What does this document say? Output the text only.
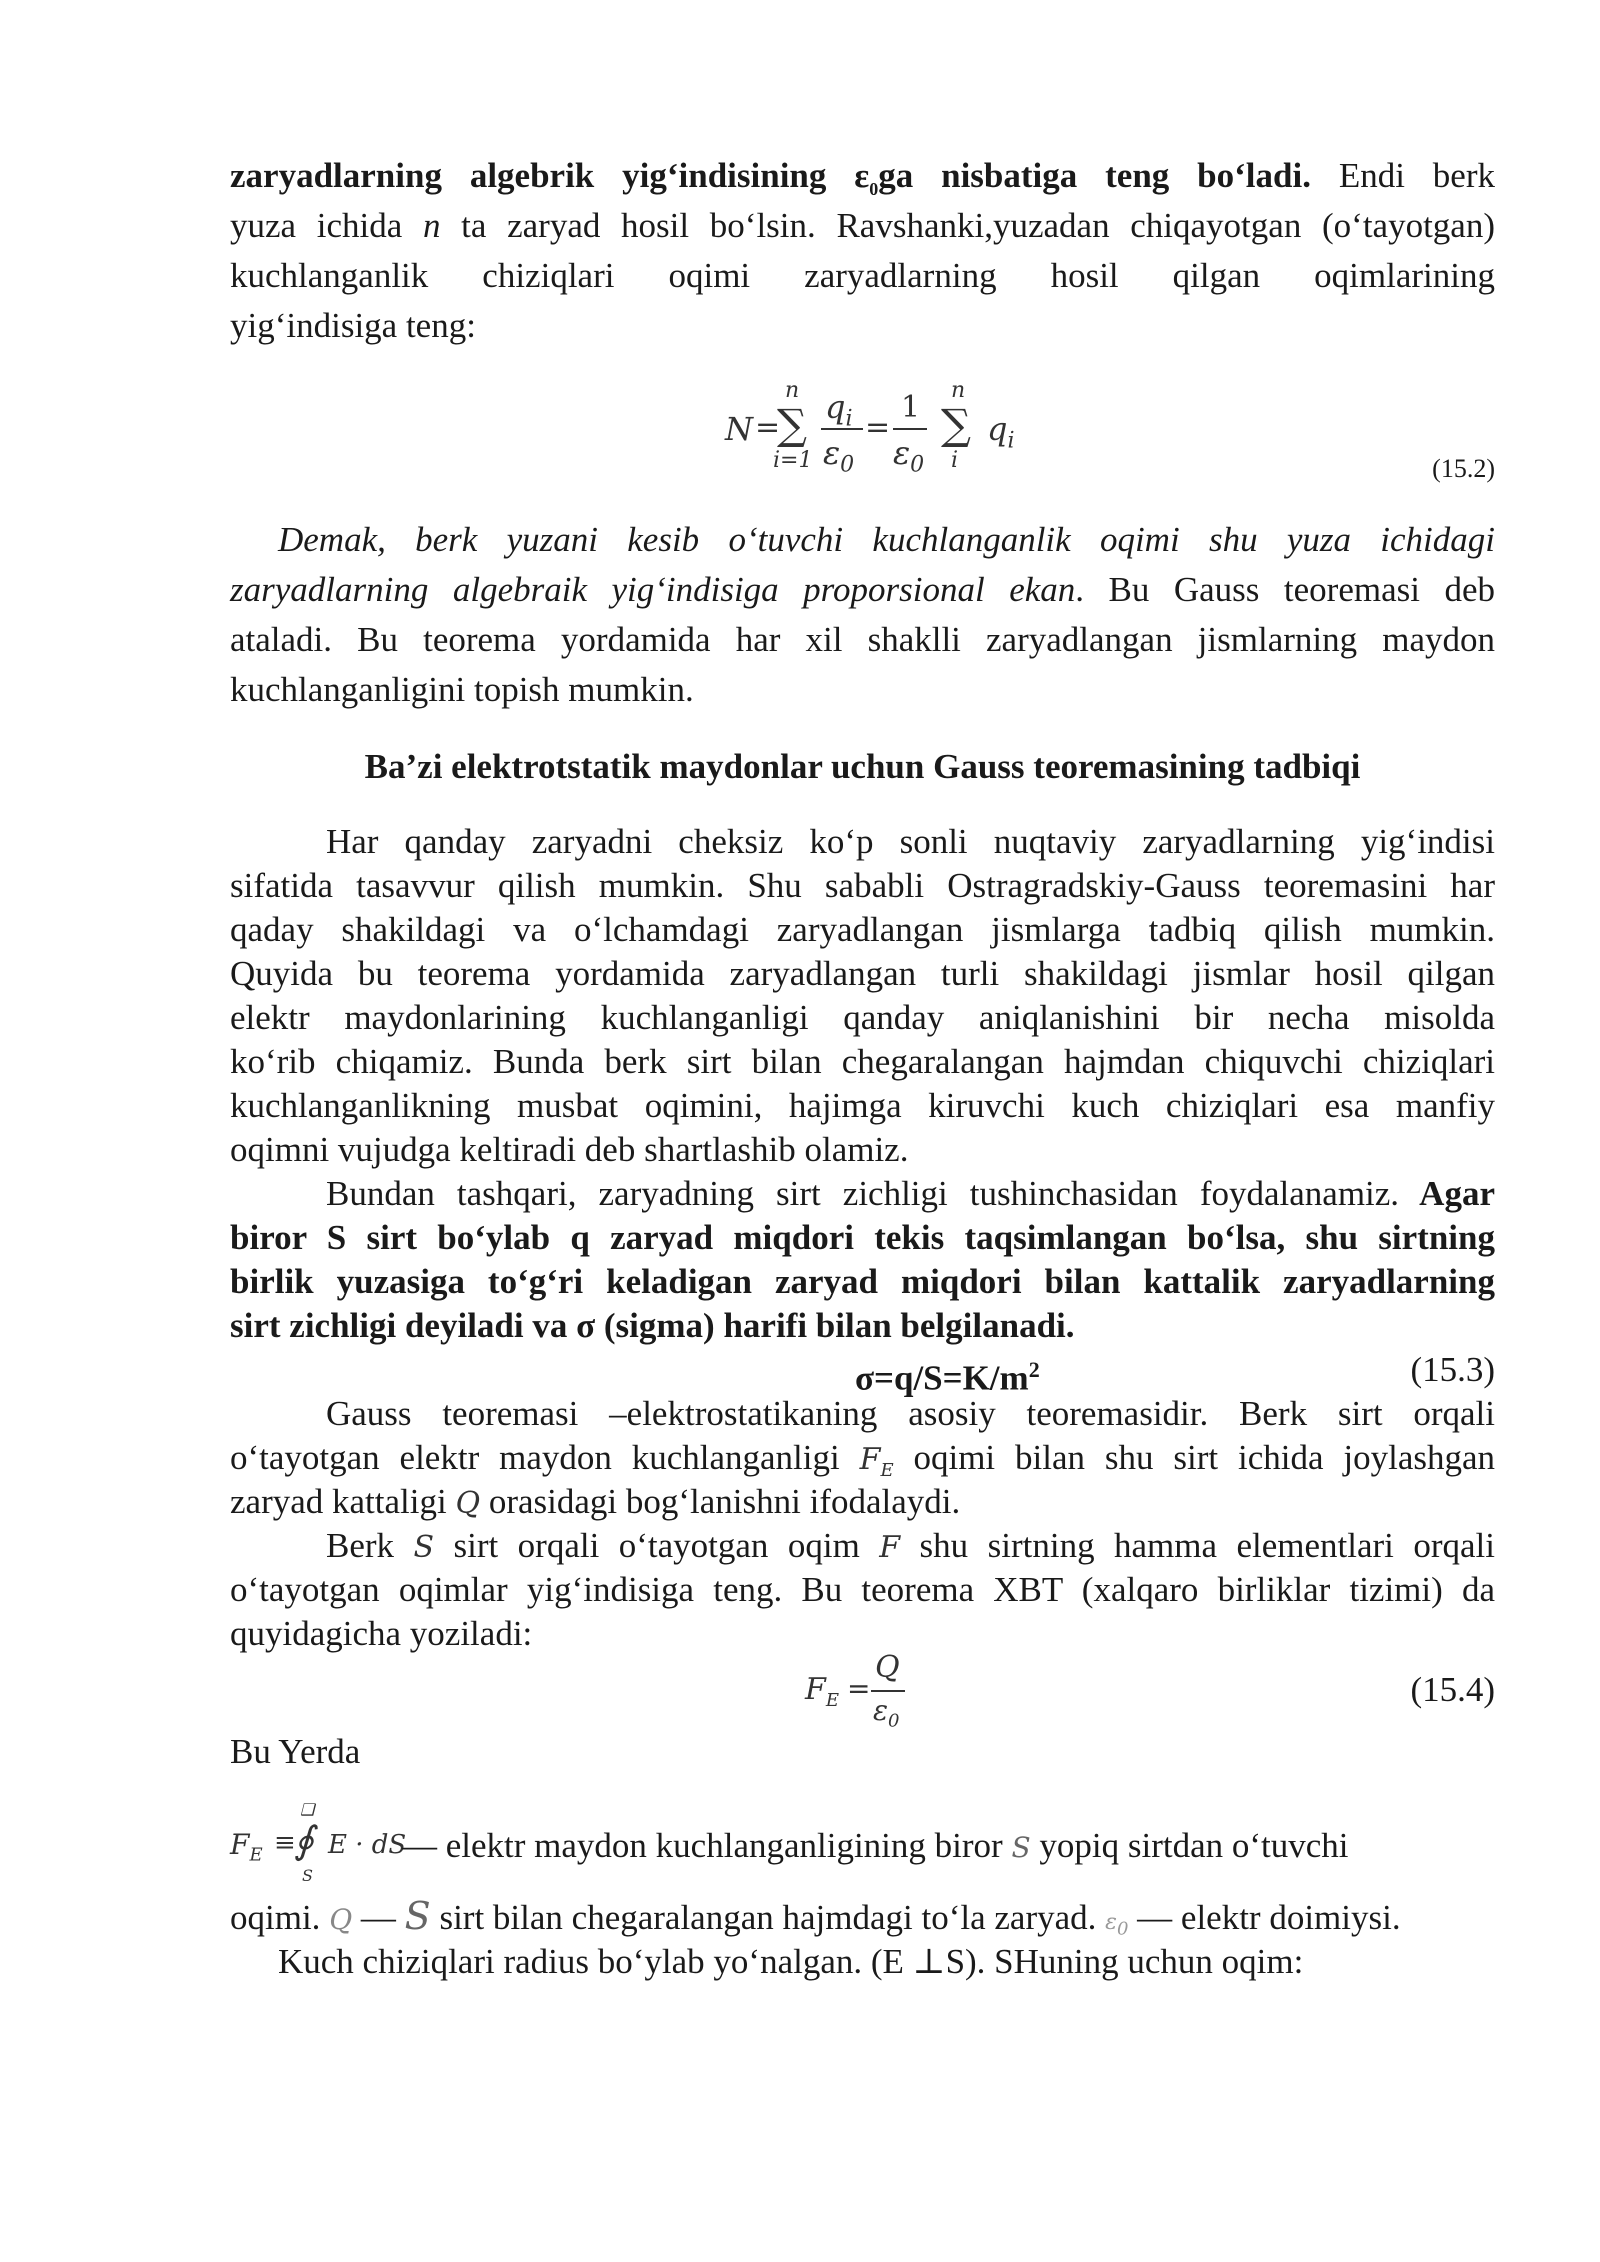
zaryadlarning algebrik yig‘indisining $\varepsilon_0ga$ nisbatiga teng bo‘ladi. Endi berk
yuza ichida n ta zaryad hosil bo‘lsin. Ravshanki,yuzadan chiqayotgan (o‘tayotgan)
kuchlanganlik chiziqlari oqimi zaryadlarning hosil qilgan oqimlarining
yig‘indisiga teng:
N =
n
∑
i=1
$q_i$
$\varepsilon_0$
=
1
$\varepsilon_0$
n
∑
i
$q_i$
(15.2)
Demak, berk yuzani kesib o‘tuvchi kuchlanganlik oqimi shu yuza ichidagi
zaryadlarning algebraik yig‘indisiga proporsional ekan. Bu Gauss teoremasi deb
ataladi. Bu teorema yordamida har xil shaklli zaryadlangan jismlarning maydon
kuchlanganligini topish mumkin.
Ba’zi elektrotstatik maydonlar uchun Gauss teoremasining tadbiqi
Har qanday zaryadni cheksiz ko‘p sonli nuqtaviy zaryadlarning yig‘indisi
sifatida tasavvur qilish mumkin. Shu sababli Ostragradskiy-Gauss teoremasini har
qaday shakildagi va o‘lchamdagi zaryadlangan jismlarga tadbiq qilish mumkin.
Quyida bu teorema yordamida zaryadlangan turli shakildagi jismlar hosil qilgan
elektr maydonlarining kuchlanganligi qanday aniqlanishini bir necha misolda
ko‘rib chiqamiz. Bunda berk sirt bilan chegaralangan hajmdan chiquvchi chiziqlari
kuchlanganlikning musbat oqimini, hajimga kiruvchi kuch chiziqlari esa manfiy
oqimni vujudga keltiradi deb shartlashib olamiz.
Bundan tashqari, zaryadning sirt zichligi tushinchasidan foydalanamiz. Agar
biror S sirt bo‘ylab q zaryad miqdori tekis taqsimlangan bo‘lsa, shu sirtning
birlik yuzasiga to‘g‘ri keladigan zaryad miqdori bilan kattalik zaryadlarning
sirt zichligi deyiladi va σ (sigma) harifi bilan belgilanadi.
$\sigma=q/S=K/m^2$	(15.3)
Gauss teoremasi –elektrostatikaning asosiy teoremasidir. Berk sirt orqali
o‘tayotgan elektr maydon kuchlanganligi $F_E$ oqimi bilan shu sirt ichida joylashgan
zaryad kattaligi Q orasidagi bog‘lanishni ifodalaydi.
Berk S sirt orqali o‘tayotgan oqim F shu sirtning hamma elementlari orqali
o‘tayotgan oqimlar yig‘indisiga teng. Bu teorema XBT (xalqaro birliklar tizimi) da
quyidagicha yoziladi:
$F_E$ =
Q
$\varepsilon_0$
(15.4)
Bu Yerda
❑
$F_E$ ≡
∮
S
E · dS
— elektr maydon kuchlanganligining biror S yopiq sirtdan o‘tuvchi
oqimi. Q — S sirt bilan chegaralangan hajmdagi to‘la zaryad. $\varepsilon_0$ — elektr doimiysi.
Kuch chiziqlari radius bo‘ylab yo‘nalgan. (E ⊥S). SHuning uchun oqim:
